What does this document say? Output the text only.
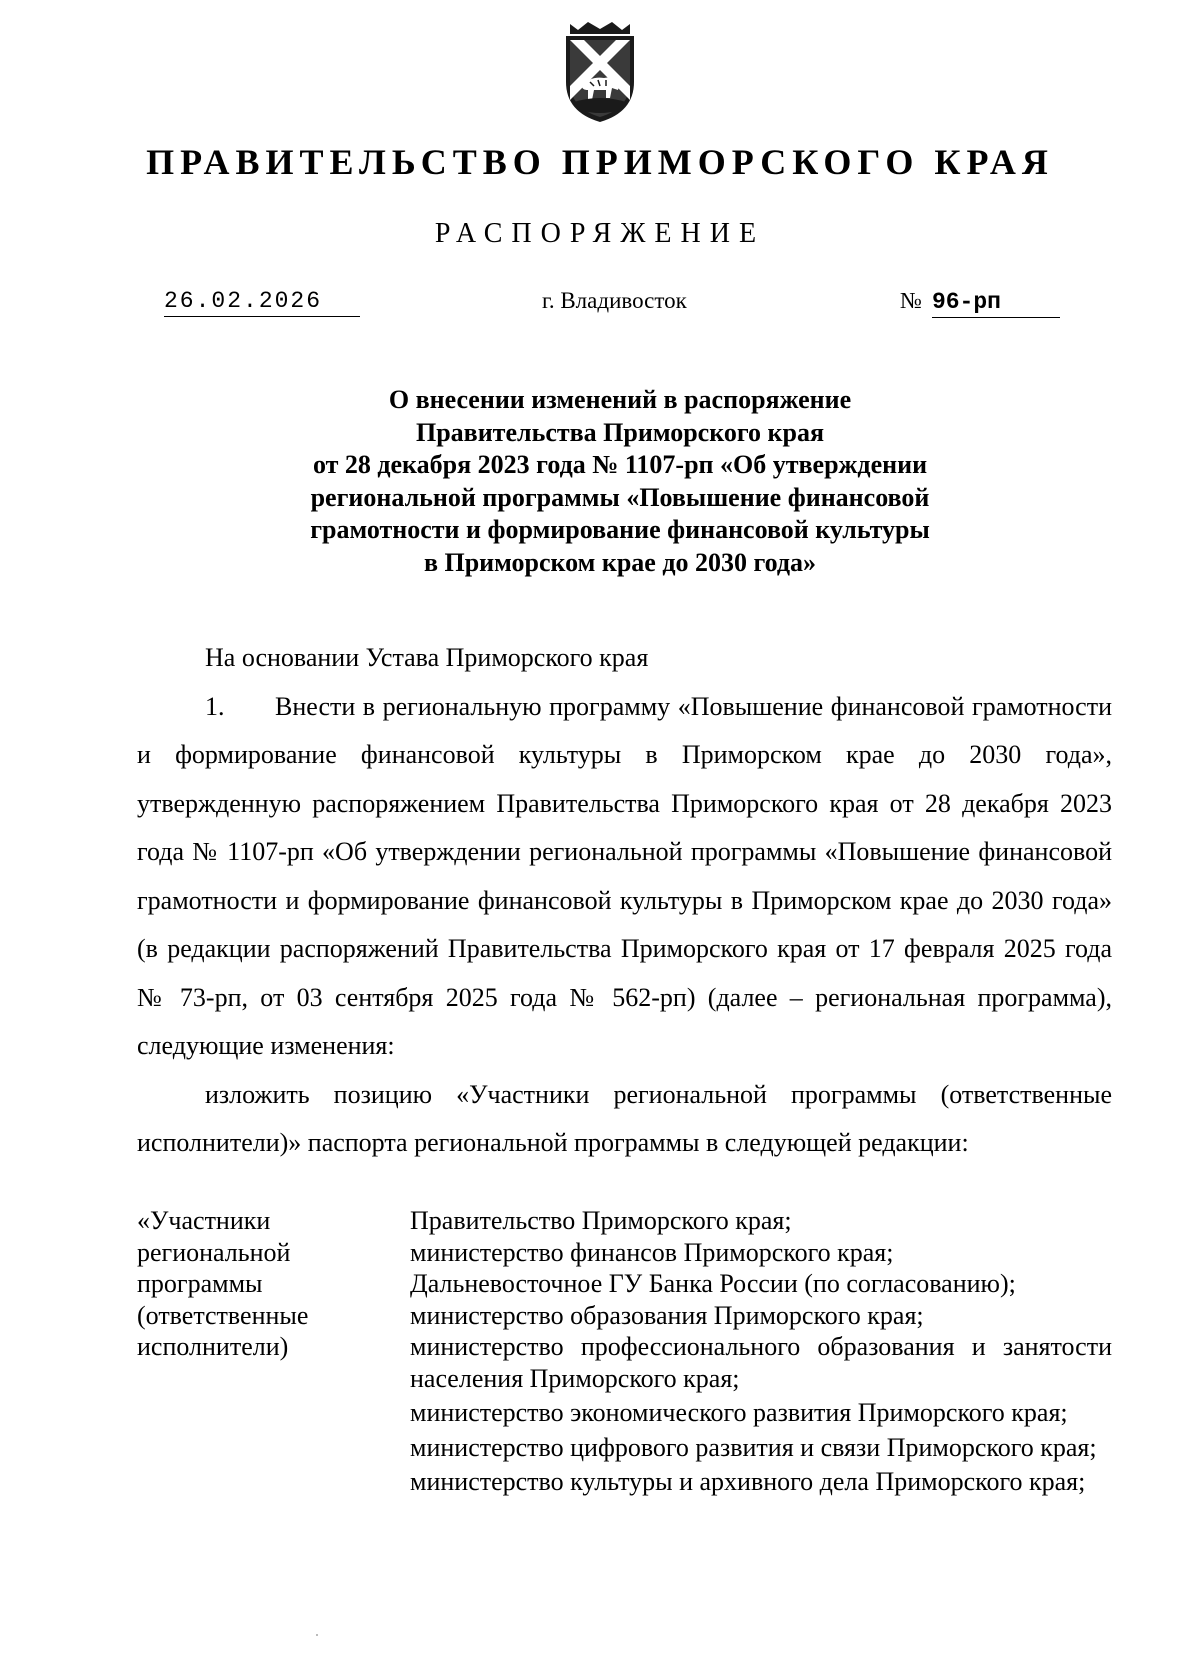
ПРАВИТЕЛЬСТВО ПРИМОРСКОГО КРАЯ
РАСПОРЯЖЕНИЕ
26.02.2026	г. Владивосток	№ 96-рп
О внесении изменений в распоряжение
Правительства Приморского края
от 28 декабря 2023 года № 1107-рп «Об утверждении
региональной программы «Повышение финансовой
грамотности и формирование финансовой культуры
в Приморском крае до 2030 года»

На основании Устава Приморского края

1. Внести в региональную программу «Повышение финансовой грамотности и формирование финансовой культуры в Приморском крае до 2030 года», утвержденную распоряжением Правительства Приморского края от 28 декабря 2023 года № 1107-рп «Об утверждении региональной программы «Повышение финансовой грамотности и формирование финансовой культуры в Приморском крае до 2030 года» (в редакции распоряжений Правительства Приморского края от 17 февраля 2025 года № 73-рп, от 03 сентября 2025 года № 562-рп) (далее – региональная программа), следующие изменения:

изложить позицию «Участники региональной программы (ответственные исполнители)» паспорта региональной программы в следующей редакции:

«Участники
региональной
программы
(ответственные
исполнители)

Правительство Приморского края;

министерство финансов Приморского края;

Дальневосточное ГУ Банка России (по согласованию);

министерство образования Приморского края;

министерство профессионального образования и занятости населения Приморского края;

министерство экономического развития Приморского края;

министерство цифрового развития и связи Приморского края;

министерство культуры и архивного дела Приморского края;
